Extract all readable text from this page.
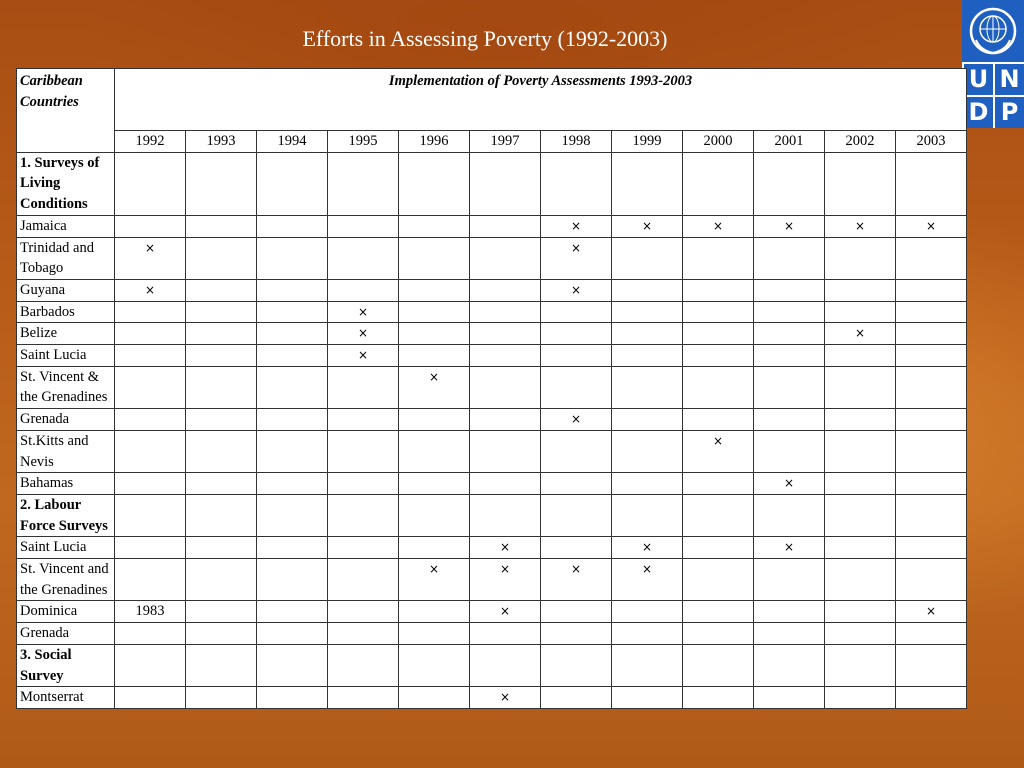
Efforts in Assessing Poverty (1992-2003)
U N
D P
Caribbean Countries	Implementation of Poverty Assessments 1993-2003											
	1992	1993	1994	1995	1996	1997	1998	1999	2000	2001	2002	2003
1. Surveys of Living Conditions												
Jamaica							×	×	×	×	×	×
Trinidad and Tobago	×						×					
Guyana	×						×					
Barbados				×								
Belize				×							×	
Saint Lucia				×								
St. Vincent & the Grenadines					×							
Grenada							×					
St.Kitts and Nevis									×			
Bahamas										×		
2. Labour Force Surveys												
Saint Lucia						×		×		×		
St. Vincent and the Grenadines					×	×	×	×				
Dominica	1983					×						×
Grenada												
3. Social Survey												
Montserrat						×						
